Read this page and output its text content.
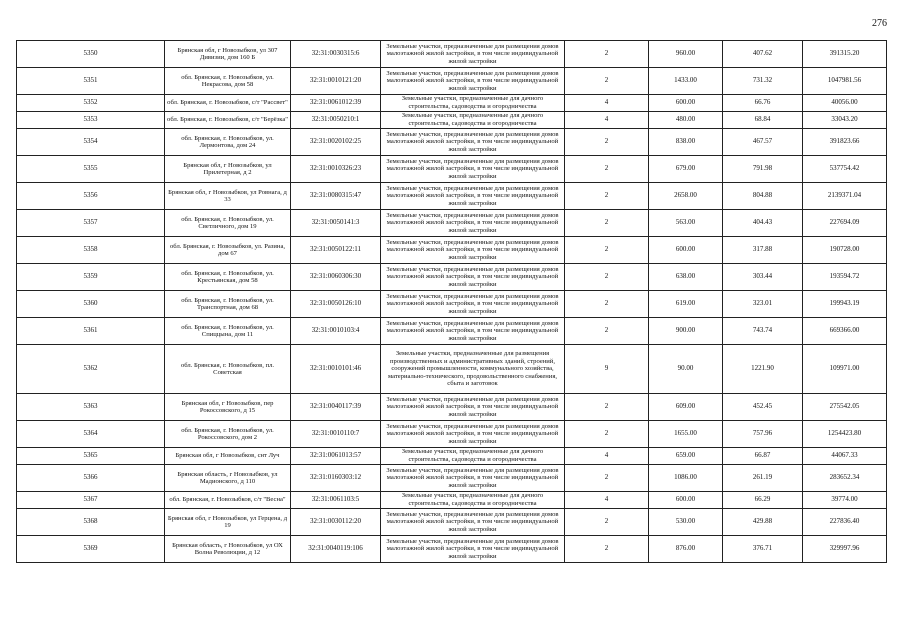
276
5350	Брянская обл, г Новозыбков, ул 307 Дивизии, дом 160 Б	32:31:0030315:6	Земельные участки, предназначенные для размещения домов малоэтажной жилой застройки, в том числе индивидуальной жилой застройки	2	960.00	407.62	391315.20
5351	обл. Брянская, г. Новозыбков, ул. Некрасова, дом 58	32:31:0010121:20	Земельные участки, предназначенные для размещения домов малоэтажной жилой застройки, в том числе индивидуальной жилой застройки	2	1433.00	731.32	1047981.56
5352	обл. Брянская, г. Новозыбков, с/т "Рассвет"	32:31:0061012:39	Земельные участки, предназначенные для дачного строительства, садоводства и огородничества	4	600.00	66.76	40056.00
5353	обл. Брянская, г. Новозыбков, с/т "Берёзка"	32:31:0050210:1	Земельные участки, предназначенные для дачного строительства, садоводства и огородничества	4	480.00	68.84	33043.20
5354	обл. Брянская, г. Новозыбков, ул. Лермонтова, дом 24	32:31:0020102:25	Земельные участки, предназначенные для размещения домов малоэтажной жилой застройки, в том числе индивидуальной жилой застройки	2	838.00	467.57	391823.66
5355	Брянская обл, г Новозыбков, ул Прилетерная, д 2	32:31:0010326:23	Земельные участки, предназначенные для размещения домов малоэтажной жилой застройки, в том числе индивидуальной жилой застройки	2	679.00	791.98	537754.42
5356	Брянская обл, г Новозыбков, ул Ровнага, д 33	32:31:0080315:47	Земельные участки, предназначенные для размещения домов малоэтажной жилой застройки, в том числе индивидуальной жилой застройки	2	2658.00	804.88	2139371.04
5357	обл. Брянская, г. Новозыбков, ул. Светличного, дом 19	32:31:0050141:3	Земельные участки, предназначенные для размещения домов малоэтажной жилой застройки, в том числе индивидуальной жилой застройки	2	563.00	404.43	227694.09
5358	обл. Брянская, г. Новозыбков, ул. Разина, дом 67	32:31:0050122:11	Земельные участки, предназначенные для размещения домов малоэтажной жилой застройки, в том числе индивидуальной жилой застройки	2	600.00	317.88	190728.00
5359	обл. Брянская, г. Новозыбков, ул. Крестьянская, дом 58	32:31:0060306:30	Земельные участки, предназначенные для размещения домов малоэтажной жилой застройки, в том числе индивидуальной жилой застройки	2	638.00	303.44	193594.72
5360	обл. Брянская, г. Новозыбков, ул. Транспортная, дом 68	32:31:0050126:10	Земельные участки, предназначенные для размещения домов малоэтажной жилой застройки, в том числе индивидуальной жилой застройки	2	619.00	323.01	199943.19
5361	обл. Брянская, г. Новозыбков, ул. Спиццына, дом 11	32:31:0010103:4	Земельные участки, предназначенные для размещения домов малоэтажной жилой застройки, в том числе индивидуальной жилой застройки	2	900.00	743.74	669366.00
5362	обл. Брянская, г. Новозыбков, пл. Советская	32:31:0010101:46	Земельные участки, предназначенные для размещения производственных и административных зданий, строений, сооружений промышленности, коммунального хозяйства, материально-технического, продовольственного снабжения, сбыта и заготовок	9	90.00	1221.90	109971.00
5363	Брянская обл, г Новозыбков, пер Рокоссовского, д 15	32:31:0040117:39	Земельные участки, предназначенные для размещения домов малоэтажной жилой застройки, в том числе индивидуальной жилой застройки	2	609.00	452.45	275542.05
5364	обл. Брянская, г. Новозыбков, ул. Рокоссовского, дом 2	32:31:0010110:7	Земельные участки, предназначенные для размещения домов малоэтажной жилой застройки, в том числе индивидуальной жилой застройки	2	1655.00	757.96	1254423.80
5365	Брянская обл, г Новозыбков, снт Луч	32:31:0061013:57	Земельные участки, предназначенные для дачного строительства, садоводства и огородничества	4	659.00	66.87	44067.33
5366	Брянская область, г Новозыбков, ул Мадионского, д 110	32:31:0160303:12	Земельные участки, предназначенные для размещения домов малоэтажной жилой застройки, в том числе индивидуальной жилой застройки	2	1086.00	261.19	283652.34
5367	обл. Брянская, г. Новозыбков, с/т "Весна"	32:31:0061103:5	Земельные участки, предназначенные для дачного строительства, садоводства и огородничества	4	600.00	66.29	39774.00
5368	Брянская обл, г Новозыбков, ул Герцена, д 19	32:31:0030112:20	Земельные участки, предназначенные для размещения домов малоэтажной жилой застройки, в том числе индивидуальной жилой застройки	2	530.00	429.88	227836.40
5369	Брянская область, г Новозыбков, ул ОХ Волна Революции, д 12	32:31:0040119:106	Земельные участки, предназначенные для размещения домов малоэтажной жилой застройки, в том числе индивидуальной жилой застройки	2	876.00	376.71	329997.96
